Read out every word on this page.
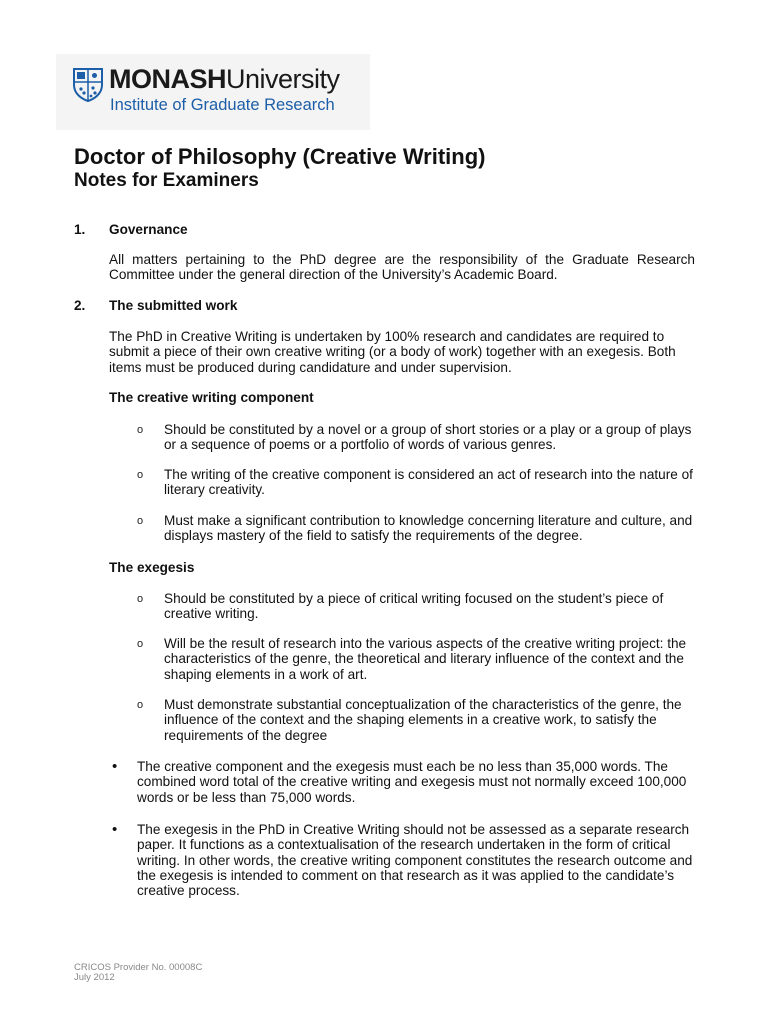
MONASHUniversity
Institute of Graduate Research
Doctor of Philosophy (Creative Writing)
Notes for Examiners
1. Governance

All matters pertaining to the PhD degree are the responsibility of the Graduate Research Committee under the general direction of the University’s Academic Board.

2. The submitted work

The PhD in Creative Writing is undertaken by 100% research and candidates are required to submit a piece of their own creative writing (or a body of work) together with an exegesis. Both items must be produced during candidature and under supervision.

The creative writing component
o Should be constituted by a novel or a group of short stories or a play or a group of plays or a sequence of poems or a portfolio of words of various genres.

o The writing of the creative component is considered an act of research into the nature of literary creativity.

o Must make a significant contribution to knowledge concerning literature and culture, and displays mastery of the field to satisfy the requirements of the degree.

The exegesis
o Should be constituted by a piece of critical writing focused on the student’s piece of creative writing.

o Will be the result of research into the various aspects of the creative writing project: the characteristics of the genre, the theoretical and literary influence of the context and the shaping elements in a work of art.

o Must demonstrate substantial conceptualization of the characteristics of the genre, the influence of the context and the shaping elements in a creative work, to satisfy the requirements of the degree

• The creative component and the exegesis must each be no less than 35,000 words. The combined word total of the creative writing and exegesis must not normally exceed 100,000 words or be less than 75,000 words.

• The exegesis in the PhD in Creative Writing should not be assessed as a separate research paper. It functions as a contextualisation of the research undertaken in the form of critical writing. In other words, the creative writing component constitutes the research outcome and the exegesis is intended to comment on that research as it was applied to the candidate’s creative process.

CRICOS Provider No. 00008C
July 2012
